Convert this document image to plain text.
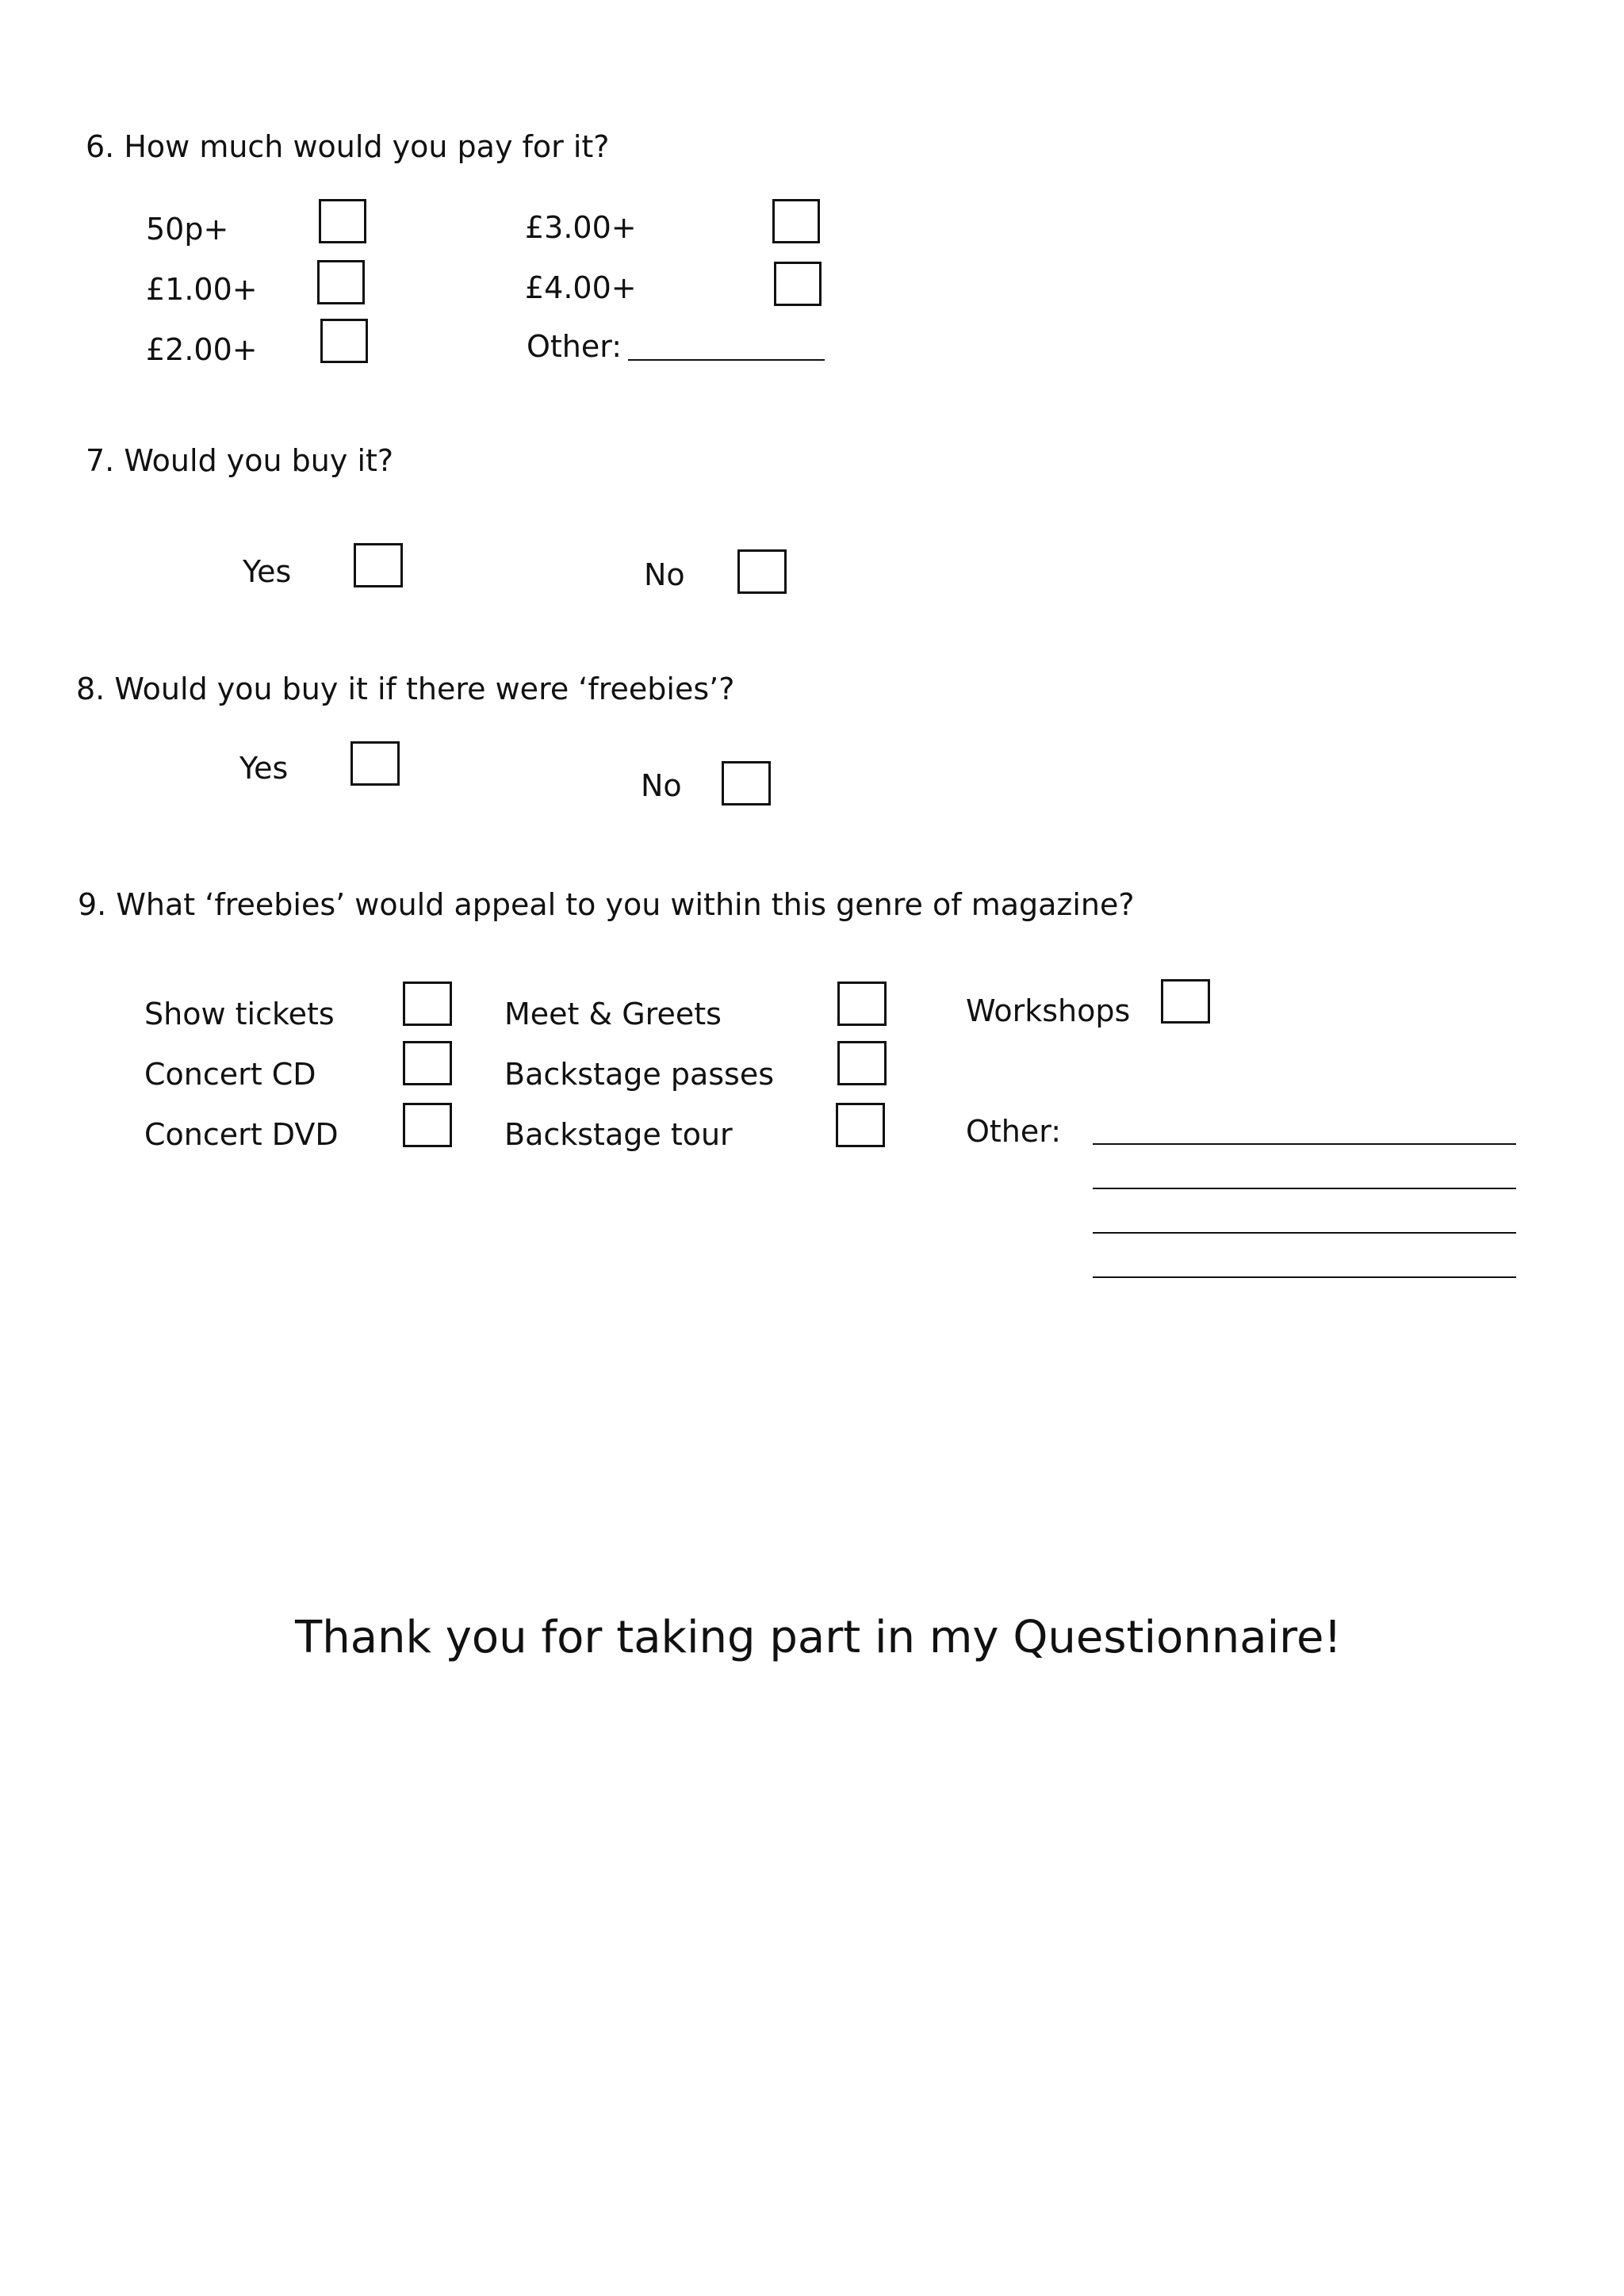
6. How much would you pay for it?
50p+
£1.00+
£2.00+
£3.00+
£4.00+
Other:
7. Would you buy it?
Yes	No
8. Would you buy it if there were ‘freebies’?
Yes	No
9. What ‘freebies’ would appeal to you within this genre of magazine?
Show tickets
Concert CD
Concert DVD
Meet & Greets
Backstage passes
Backstage tour
Workshops
Other:
Thank you for taking part in my Questionnaire!
